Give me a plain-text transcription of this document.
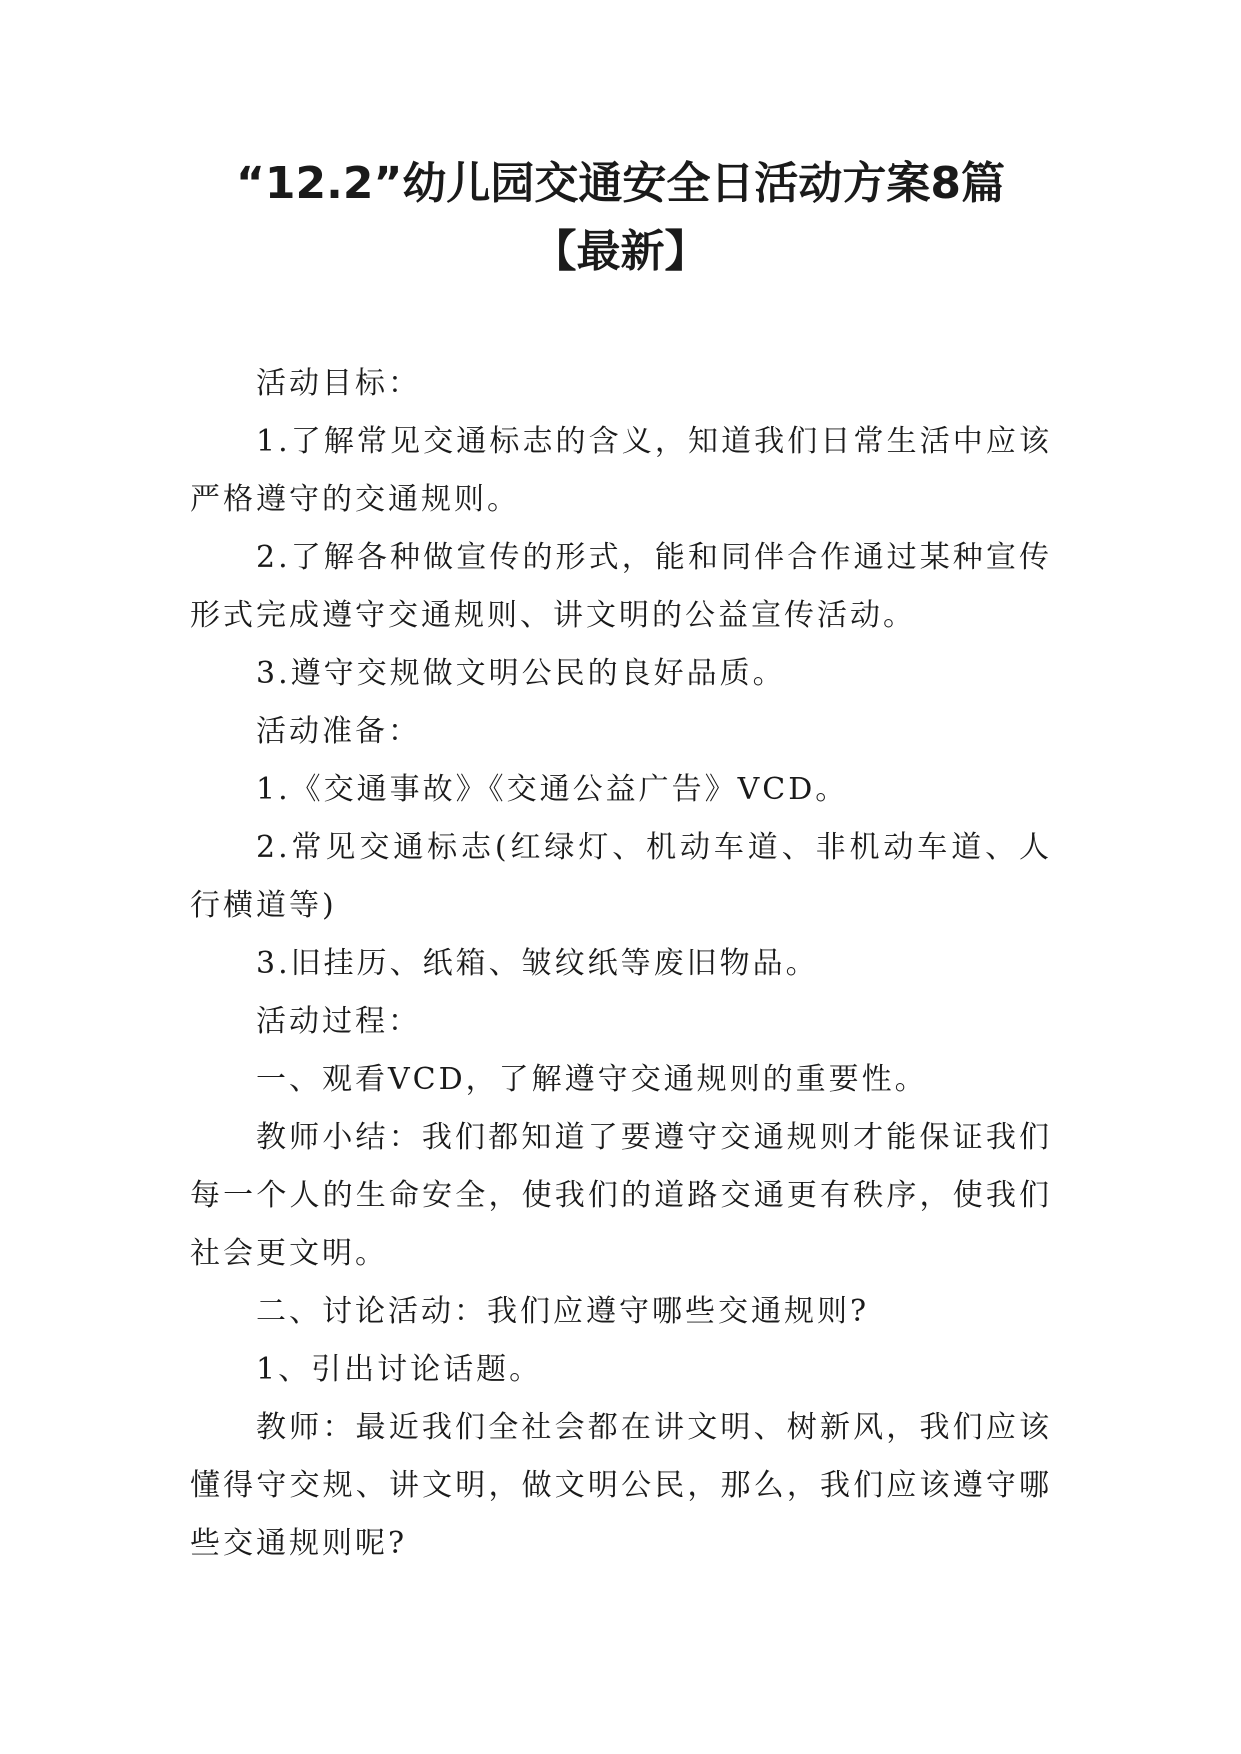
“12.2”幼儿园交通安全日活动方案8篇
【最新】

活动目标：

1.了解常见交通标志的含义，知道我们日常生活中应该严格遵守的交通规则。

2.了解各种做宣传的形式，能和同伴合作通过某种宣传形式完成遵守交通规则、讲文明的公益宣传活动。

3.遵守交规做文明公民的良好品质。

活动准备：

1.《交通事故》《交通公益广告》VCD。

2.常见交通标志(红绿灯、机动车道、非机动车道、人行横道等)

3.旧挂历、纸箱、皱纹纸等废旧物品。

活动过程：

一、观看VCD，了解遵守交通规则的重要性。

教师小结：我们都知道了要遵守交通规则才能保证我们每一个人的生命安全，使我们的道路交通更有秩序，使我们社会更文明。

二、讨论活动：我们应遵守哪些交通规则?

1、引出讨论话题。

教师：最近我们全社会都在讲文明、树新风，我们应该懂得守交规、讲文明，做文明公民，那么，我们应该遵守哪些交通规则呢?
